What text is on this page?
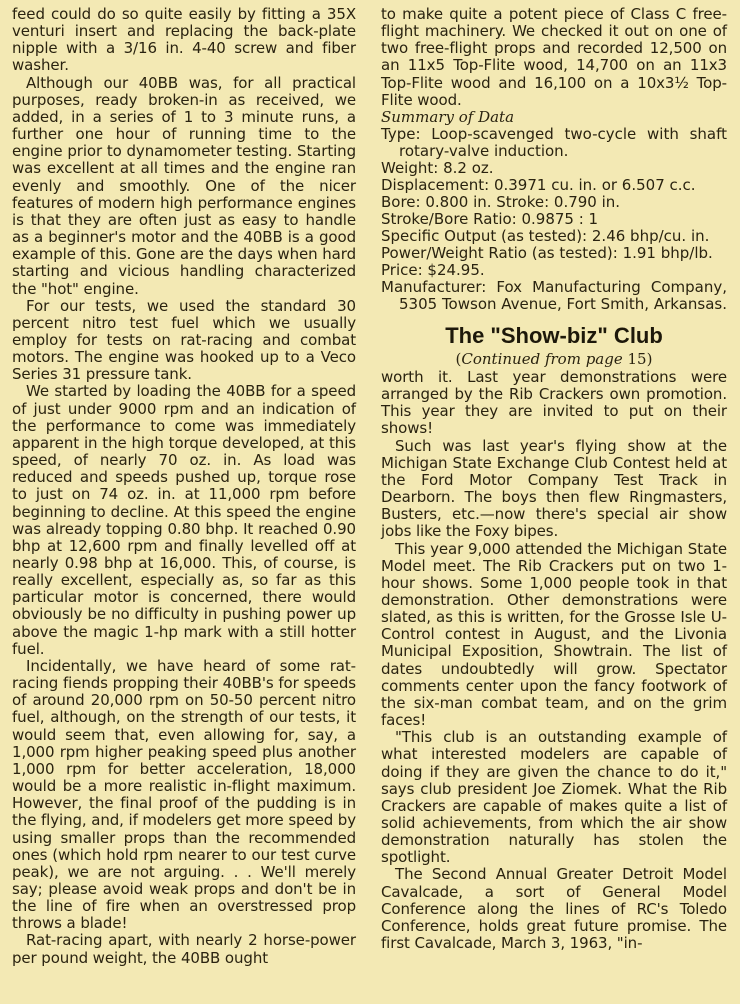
feed could do so quite easily by fitting a 35X venturi insert and replacing the back-plate nipple with a 3/16 in. 4-40 screw and fiber washer.

Although our 40BB was, for all practical purposes, ready broken-in as received, we added, in a series of 1 to 3 minute runs, a further one hour of running time to the engine prior to dynamometer testing. Starting was excellent at all times and the engine ran evenly and smoothly. One of the nicer features of modern high performance engines is that they are often just as easy to handle as a beginner's motor and the 40BB is a good example of this. Gone are the days when hard starting and vicious handling characterized the "hot" engine.

For our tests, we used the standard 30 percent nitro test fuel which we usually employ for tests on rat-racing and combat motors. The engine was hooked up to a Veco Series 31 pressure tank.

We started by loading the 40BB for a speed of just under 9000 rpm and an indication of the performance to come was immediately apparent in the high torque developed, at this speed, of nearly 70 oz. in. As load was reduced and speeds pushed up, torque rose to just on 74 oz. in. at 11,000 rpm before beginning to decline. At this speed the engine was already topping 0.80 bhp. It reached 0.90 bhp at 12,600 rpm and finally levelled off at nearly 0.98 bhp at 16,000. This, of course, is really excellent, especially as, so far as this particular motor is concerned, there would obviously be no difficulty in pushing power up above the magic 1-hp mark with a still hotter fuel.

Incidentally, we have heard of some rat-racing fiends propping their 40BB's for speeds of around 20,000 rpm on 50-50 percent nitro fuel, although, on the strength of our tests, it would seem that, even allowing for, say, a 1,000 rpm higher peaking speed plus another 1,000 rpm for better acceleration, 18,000 would be a more realistic in-flight maximum. However, the final proof of the pudding is in the flying, and, if modelers get more speed by using smaller props than the recommended ones (which hold rpm nearer to our test curve peak), we are not arguing. . . We'll merely say; please avoid weak props and don't be in the line of fire when an overstressed prop throws a blade!

Rat-racing apart, with nearly 2 horse-power per pound weight, the 40BB ought

to make quite a potent piece of Class C free-flight machinery. We checked it out on one of two free-flight props and recorded 12,500 on an 11x5 Top-Flite wood, 14,700 on an 11x3 Top-Flite wood and 16,100 on a 10x3½ Top-Flite wood.

Summary of Data

Type: Loop-scavenged two-cycle with shaft rotary-valve induction.

Weight: 8.2 oz.

Displacement: 0.3971 cu. in. or 6.507 c.c.

Bore: 0.800 in. Stroke: 0.790 in.

Stroke/Bore Ratio: 0.9875 : 1

Specific Output (as tested): 2.46 bhp/cu. in.

Power/Weight Ratio (as tested): 1.91 bhp/lb.

Price: $24.95.

Manufacturer: Fox Manufacturing Company, 5305 Towson Avenue, Fort Smith, Arkansas.

The "Show-biz" Club

(Continued from page 15)

worth it. Last year demonstrations were arranged by the Rib Crackers own promotion. This year they are invited to put on their shows!

Such was last year's flying show at the Michigan State Exchange Club Contest held at the Ford Motor Company Test Track in Dearborn. The boys then flew Ringmasters, Busters, etc.—now there's special air show jobs like the Foxy bipes.

This year 9,000 attended the Michigan State Model meet. The Rib Crackers put on two 1-hour shows. Some 1,000 people took in that demonstration. Other demonstrations were slated, as this is written, for the Grosse Isle U-Control contest in August, and the Livonia Municipal Exposition, Showtrain. The list of dates undoubtedly will grow. Spectator comments center upon the fancy footwork of the six-man combat team, and on the grim faces!

"This club is an outstanding example of what interested modelers are capable of doing if they are given the chance to do it," says club president Joe Ziomek. What the Rib Crackers are capable of makes quite a list of solid achievements, from which the air show demonstration naturally has stolen the spotlight.

The Second Annual Greater Detroit Model Cavalcade, a sort of General Model Conference along the lines of RC's Toledo Conference, holds great future promise. The first Cavalcade, March 3, 1963, "in-
